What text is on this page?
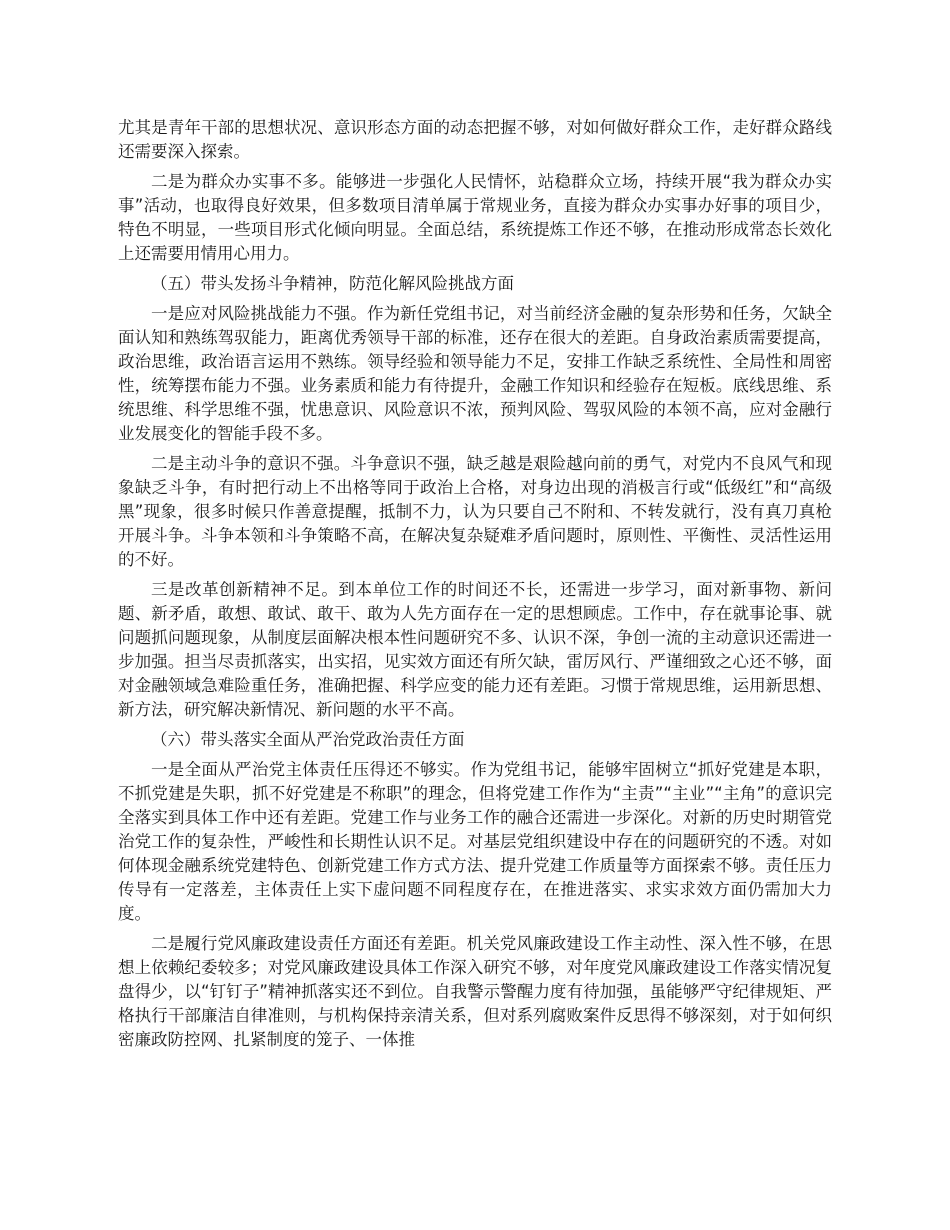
尤其是青年干部的思想状况、意识形态方面的动态把握不够，对如何做好群众工作，走好群众路线还需要深入探索。

二是为群众办实事不多。能够进一步强化人民情怀，站稳群众立场，持续开展“我为群众办实事”活动，也取得良好效果，但多数项目清单属于常规业务，直接为群众办实事办好事的项目少，特色不明显，一些项目形式化倾向明显。全面总结，系统提炼工作还不够，在推动形成常态长效化上还需要用情用心用力。

（五）带头发扬斗争精神，防范化解风险挑战方面

一是应对风险挑战能力不强。作为新任党组书记，对当前经济金融的复杂形势和任务，欠缺全面认知和熟练驾驭能力，距离优秀领导干部的标准，还存在很大的差距。自身政治素质需要提高，政治思维，政治语言运用不熟练。领导经验和领导能力不足，安排工作缺乏系统性、全局性和周密性，统筹摆布能力不强。业务素质和能力有待提升，金融工作知识和经验存在短板。底线思维、系统思维、科学思维不强，忧患意识、风险意识不浓，预判风险、驾驭风险的本领不高，应对金融行业发展变化的智能手段不多。

二是主动斗争的意识不强。斗争意识不强，缺乏越是艰险越向前的勇气，对党内不良风气和现象缺乏斗争，有时把行动上不出格等同于政治上合格，对身边出现的消极言行或“低级红”和“高级黑”现象，很多时候只作善意提醒，抵制不力，认为只要自己不附和、不转发就行，没有真刀真枪开展斗争。斗争本领和斗争策略不高，在解决复杂疑难矛盾问题时，原则性、平衡性、灵活性运用的不好。

三是改革创新精神不足。到本单位工作的时间还不长，还需进一步学习，面对新事物、新问题、新矛盾，敢想、敢试、敢干、敢为人先方面存在一定的思想顾虑。工作中，存在就事论事、就问题抓问题现象，从制度层面解决根本性问题研究不多、认识不深，争创一流的主动意识还需进一步加强。担当尽责抓落实，出实招，见实效方面还有所欠缺，雷厉风行、严谨细致之心还不够，面对金融领域急难险重任务，准确把握、科学应变的能力还有差距。习惯于常规思维，运用新思想、新方法，研究解决新情况、新问题的水平不高。

（六）带头落实全面从严治党政治责任方面

一是全面从严治党主体责任压得还不够实。作为党组书记，能够牢固树立“抓好党建是本职，不抓党建是失职，抓不好党建是不称职”的理念，但将党建工作作为“主责”“主业”“主角”的意识完全落实到具体工作中还有差距。党建工作与业务工作的融合还需进一步深化。对新的历史时期管党治党工作的复杂性，严峻性和长期性认识不足。对基层党组织建设中存在的问题研究的不透。对如何体现金融系统党建特色、创新党建工作方式方法、提升党建工作质量等方面探索不够。责任压力传导有一定落差，主体责任上实下虚问题不同程度存在，在推进落实、求实求效方面仍需加大力度。

二是履行党风廉政建设责任方面还有差距。机关党风廉政建设工作主动性、深入性不够，在思想上依赖纪委较多；对党风廉政建设具体工作深入研究不够，对年度党风廉政建设工作落实情况复盘得少，以“钉钉子”精神抓落实还不到位。自我警示警醒力度有待加强，虽能够严守纪律规矩、严格执行干部廉洁自律准则，与机构保持亲清关系，但对系列腐败案件反思得不够深刻，对于如何织密廉政防控网、扎紧制度的笼子、一体推
